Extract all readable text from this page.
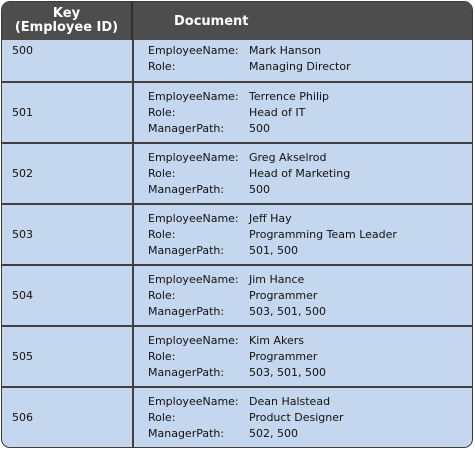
Key
(Employee ID)	Document
500	EmployeeName: Mark Hanson
Role:	Managing Director
501
EmployeeName: Terrence Philip
Role:	Head of IT
ManagerPath:	500
502
EmployeeName: Greg Akselrod
Role:	Head of Marketing
ManagerPath:	500
503
EmployeeName: Jeff Hay
Role:	Programming Team Leader
ManagerPath:	501, 500
504
EmployeeName: Jim Hance
Role:	Programmer
ManagerPath:	503, 501, 500
505
EmployeeName: Kim Akers
Role:	Programmer
ManagerPath:	503, 501, 500
506
EmployeeName: Dean Halstead
Role:	Product Designer
ManagerPath:	502, 500
